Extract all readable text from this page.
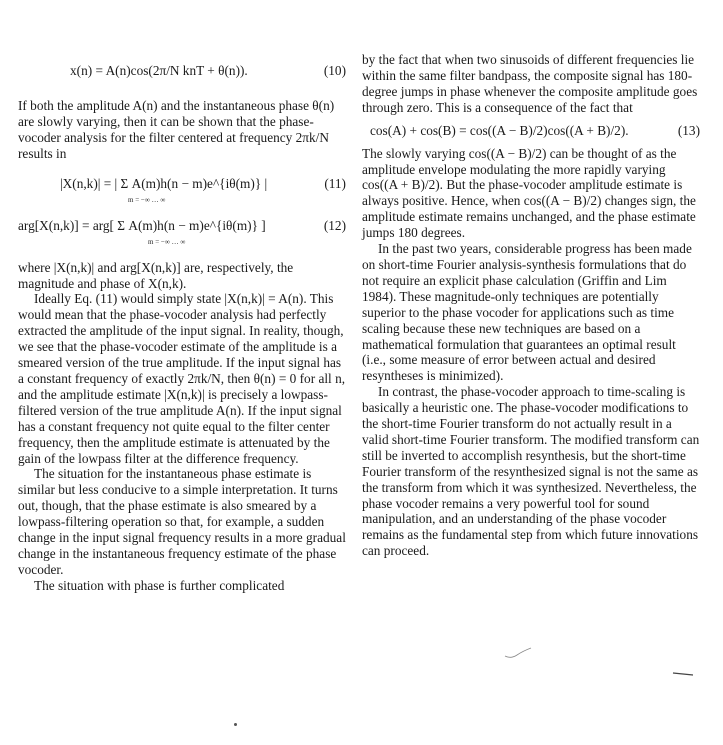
x(n) = A(n)cos(2π/N knT + θ(n)).	(10)

If both the amplitude A(n) and the instantaneous phase θ(n) are slowly varying, then it can be shown that the phase-vocoder analysis for the filter centered at frequency 2πk/N results in

|X(n,k)| = | Σ A(m)h(n − m)e^{iθ(m)} |
m = −∞ … ∞
(11)
arg[X(n,k)] = arg[ Σ A(m)h(n − m)e^{iθ(m)} ]
m = −∞ … ∞
(12)

where |X(n,k)| and arg[X(n,k)] are, respectively, the magnitude and phase of X(n,k).

Ideally Eq. (11) would simply state |X(n,k)| = A(n). This would mean that the phase-vocoder analysis had perfectly extracted the amplitude of the input signal. In reality, though, we see that the phase-vocoder estimate of the amplitude is a smeared version of the true amplitude. If the input signal has a constant frequency of exactly 2πk/N, then θ(n) = 0 for all n, and the amplitude estimate |X(n,k)| is precisely a lowpass-filtered version of the true amplitude A(n). If the input signal has a constant frequency not quite equal to the filter center frequency, then the amplitude estimate is attenuated by the gain of the lowpass filter at the difference frequency.

The situation for the instantaneous phase estimate is similar but less conducive to a simple interpretation. It turns out, though, that the phase estimate is also smeared by a lowpass-filtering operation so that, for example, a sudden change in the input signal frequency results in a more gradual change in the instantaneous frequency estimate of the phase vocoder.

The situation with phase is further complicated

by the fact that when two sinusoids of different frequencies lie within the same filter bandpass, the composite signal has 180-degree jumps in phase whenever the composite amplitude goes through zero. This is a consequence of the fact that

cos(A) + cos(B) = cos((A − B)/2)cos((A + B)/2).	(13)

The slowly varying cos((A − B)/2) can be thought of as the amplitude envelope modulating the more rapidly varying cos((A + B)/2). But the phase-vocoder amplitude estimate is always positive. Hence, when cos((A − B)/2) changes sign, the amplitude estimate remains unchanged, and the phase estimate jumps 180 degrees.

In the past two years, considerable progress has been made on short-time Fourier analysis-synthesis formulations that do not require an explicit phase calculation (Griffin and Lim 1984). These magnitude-only techniques are potentially superior to the phase vocoder for applications such as time scaling because these new techniques are based on a mathematical formulation that guarantees an optimal result (i.e., some measure of error between actual and desired resyntheses is minimized).

In contrast, the phase-vocoder approach to time-scaling is basically a heuristic one. The phase-vocoder modifications to the short-time Fourier transform do not actually result in a valid short-time Fourier transform. The modified transform can still be inverted to accomplish resynthesis, but the short-time Fourier transform of the resynthesized signal is not the same as the transform from which it was synthesized. Nevertheless, the phase vocoder remains a very powerful tool for sound manipulation, and an understanding of the phase vocoder remains as the fundamental step from which future innovations can proceed.
